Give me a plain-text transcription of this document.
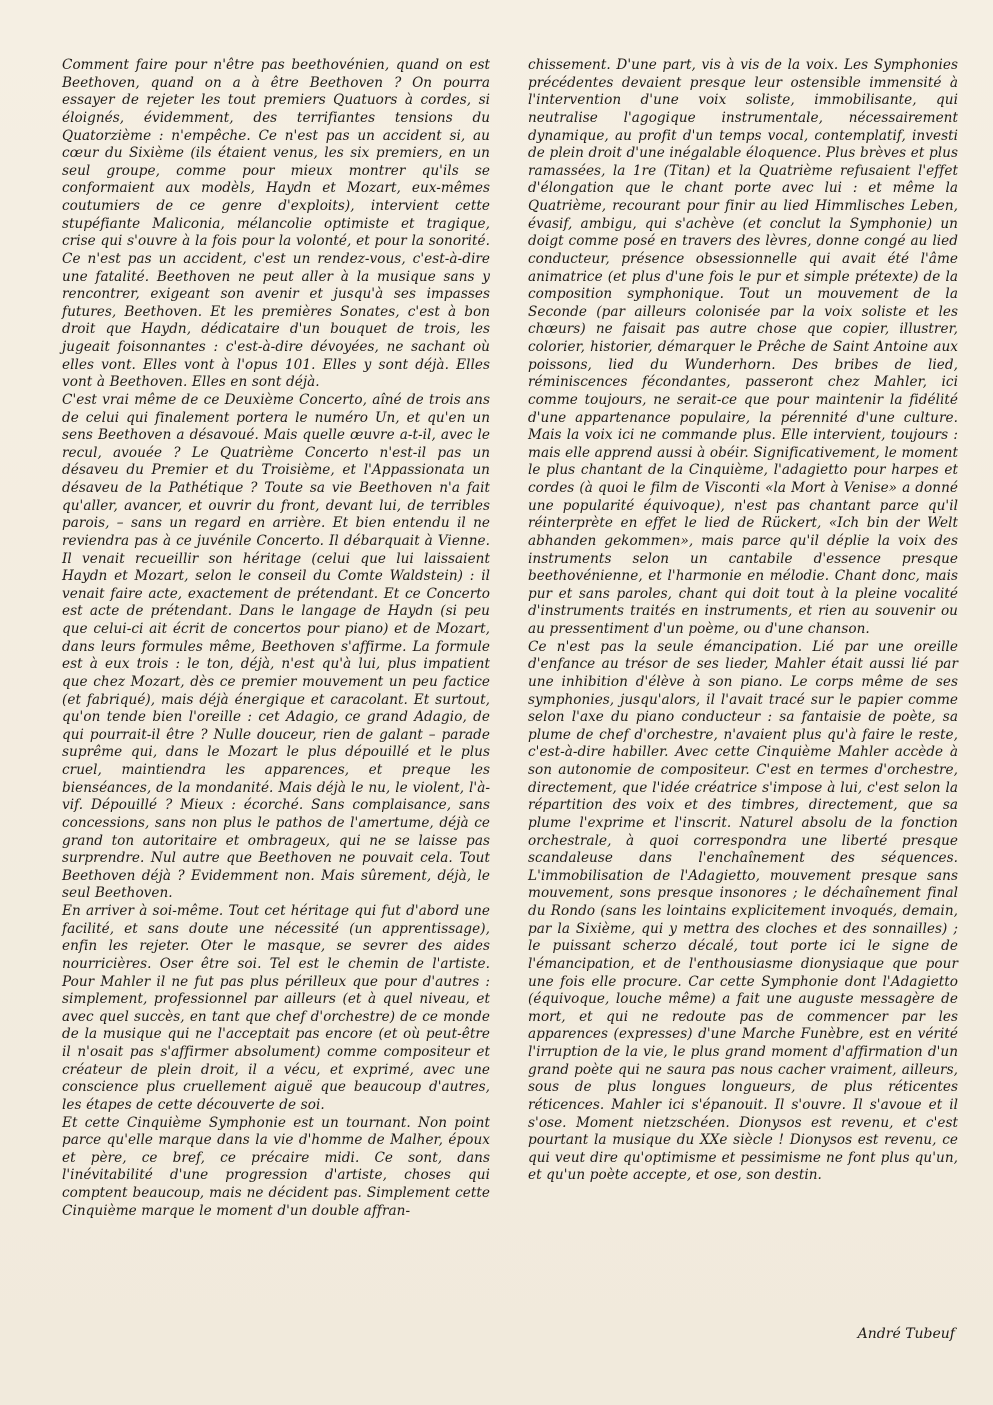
Comment faire pour n'être pas beethovénien, quand on est Beethoven, quand on a à être Beethoven ? On pourra essayer de rejeter les tout premiers Quatuors à cordes, si éloignés, évidemment, des terrifiantes tensions du Quatorzième : n'empêche. Ce n'est pas un accident si, au cœur du Sixième (ils étaient venus, les six premiers, en un seul groupe, comme pour mieux montrer qu'ils se conformaient aux modèls, Haydn et Mozart, eux-mêmes coutumiers de ce genre d'exploits), intervient cette stupéfiante Maliconia, mélancolie optimiste et tragique, crise qui s'ouvre à la fois pour la volonté, et pour la sonorité. Ce n'est pas un accident, c'est un rendez-vous, c'est-à-dire une fatalité. Beethoven ne peut aller à la musique sans y rencontrer, exigeant son avenir et jusqu'à ses impasses futures, Beethoven. Et les premières Sonates, c'est à bon droit que Haydn, dédicataire d'un bouquet de trois, les jugeait foisonnantes : c'est-à-dire dévoyées, ne sachant où elles vont. Elles vont à l'opus 101. Elles y sont déjà. Elles vont à Beethoven. Elles en sont déjà.

C'est vrai même de ce Deuxième Concerto, aîné de trois ans de celui qui finalement portera le numéro Un, et qu'en un sens Beethoven a désavoué. Mais quelle œuvre a-t-il, avec le recul, avouée ? Le Quatrième Concerto n'est-il pas un désaveu du Premier et du Troisième, et l'Appassionata un désaveu de la Pathétique ? Toute sa vie Beethoven n'a fait qu'aller, avancer, et ouvrir du front, devant lui, de terribles parois, – sans un regard en arrière. Et bien entendu il ne reviendra pas à ce juvénile Concerto. Il débarquait à Vienne. Il venait recueillir son héritage (celui que lui laissaient Haydn et Mozart, selon le conseil du Comte Waldstein) : il venait faire acte, exactement de prétendant. Et ce Concerto est acte de prétendant. Dans le langage de Haydn (si peu que celui-ci ait écrit de concertos pour piano) et de Mozart, dans leurs formules même, Beethoven s'affirme. La formule est à eux trois : le ton, déjà, n'est qu'à lui, plus impatient que chez Mozart, dès ce premier mouvement un peu factice (et fabriqué), mais déjà énergique et caracolant. Et surtout, qu'on tende bien l'oreille : cet Adagio, ce grand Adagio, de qui pourrait-il être ? Nulle douceur, rien de galant – parade suprême qui, dans le Mozart le plus dépouillé et le plus cruel, maintiendra les apparences, et preque les bienséances, de la mondanité. Mais déjà le nu, le violent, l'à-vif. Dépouillé ? Mieux : écorché. Sans complaisance, sans concessions, sans non plus le pathos de l'amertume, déjà ce grand ton autoritaire et ombrageux, qui ne se laisse pas surprendre. Nul autre que Beethoven ne pouvait cela. Tout Beethoven déjà ? Evidemment non. Mais sûrement, déjà, le seul Beethoven.

En arriver à soi-même. Tout cet héritage qui fut d'abord une facilité, et sans doute une nécessité (un apprentissage), enfin les rejeter. Oter le masque, se sevrer des aides nourricières. Oser être soi. Tel est le chemin de l'artiste. Pour Mahler il ne fut pas plus périlleux que pour d'autres : simplement, professionnel par ailleurs (et à quel niveau, et avec quel succès, en tant que chef d'orchestre) de ce monde de la musique qui ne l'acceptait pas encore (et où peut-être il n'osait pas s'affirmer absolument) comme compositeur et créateur de plein droit, il a vécu, et exprimé, avec une conscience plus cruellement aiguë que beaucoup d'autres, les étapes de cette découverte de soi.

Et cette Cinquième Symphonie est un tournant. Non point parce qu'elle marque dans la vie d'homme de Malher, époux et père, ce bref, ce précaire midi. Ce sont, dans l'inévitabilité d'une progression d'artiste, choses qui comptent beaucoup, mais ne décident pas. Simplement cette Cinquième marque le moment d'un double affran-

chissement. D'une part, vis à vis de la voix. Les Symphonies précédentes devaient presque leur ostensible immensité à l'intervention d'une voix soliste, immobilisante, qui neutralise l'agogique instrumentale, nécessairement dynamique, au profit d'un temps vocal, contemplatif, investi de plein droit d'une inégalable éloquence. Plus brèves et plus ramassées, la 1re (Titan) et la Quatrième refusaient l'effet d'élongation que le chant porte avec lui : et même la Quatrième, recourant pour finir au lied Himmlisches Leben, évasif, ambigu, qui s'achève (et conclut la Symphonie) un doigt comme posé en travers des lèvres, donne congé au lied conducteur, présence obsessionnelle qui avait été l'âme animatrice (et plus d'une fois le pur et simple prétexte) de la composition symphonique. Tout un mouvement de la Seconde (par ailleurs colonisée par la voix soliste et les chœurs) ne faisait pas autre chose que copier, illustrer, colorier, historier, démarquer le Prêche de Saint Antoine aux poissons, lied du Wunderhorn. Des bribes de lied, réminiscences fécondantes, passeront chez Mahler, ici comme toujours, ne serait-ce que pour maintenir la fidélité d'une appartenance populaire, la pérennité d'une culture. Mais la voix ici ne commande plus. Elle intervient, toujours : mais elle apprend aussi à obéir. Significativement, le moment le plus chantant de la Cinquième, l'adagietto pour harpes et cordes (à quoi le film de Visconti «la Mort à Venise» a donné une popularité équivoque), n'est pas chantant parce qu'il réinterprète en effet le lied de Rückert, «Ich bin der Welt abhanden gekommen», mais parce qu'il déplie la voix des instruments selon un cantabile d'essence presque beethovénienne, et l'harmonie en mélodie. Chant donc, mais pur et sans paroles, chant qui doit tout à la pleine vocalité d'instruments traités en instruments, et rien au souvenir ou au pressentiment d'un poème, ou d'une chanson.

Ce n'est pas la seule émancipation. Lié par une oreille d'enfance au trésor de ses lieder, Mahler était aussi lié par une inhibition d'élève à son piano. Le corps même de ses symphonies, jusqu'alors, il l'avait tracé sur le papier comme selon l'axe du piano conducteur : sa fantaisie de poète, sa plume de chef d'orchestre, n'avaient plus qu'à faire le reste, c'est-à-dire habiller. Avec cette Cinquième Mahler accède à son autonomie de compositeur. C'est en termes d'orchestre, directement, que l'idée créatrice s'impose à lui, c'est selon la répartition des voix et des timbres, directement, que sa plume l'exprime et l'inscrit. Naturel absolu de la fonction orchestrale, à quoi correspondra une liberté presque scandaleuse dans l'enchaînement des séquences. L'immobilisation de l'Adagietto, mouvement presque sans mouvement, sons presque insonores ; le déchaînement final du Rondo (sans les lointains explicitement invoqués, demain, par la Sixième, qui y mettra des cloches et des sonnailles) ; le puissant scherzo décalé, tout porte ici le signe de l'émancipation, et de l'enthousiasme dionysiaque que pour une fois elle procure. Car cette Symphonie dont l'Adagietto (équivoque, louche même) a fait une auguste messagère de mort, et qui ne redoute pas de commencer par les apparences (expresses) d'une Marche Funèbre, est en vérité l'irruption de la vie, le plus grand moment d'affirmation d'un grand poète qui ne saura pas nous cacher vraiment, ailleurs, sous de plus longues longueurs, de plus réticentes réticences. Mahler ici s'épanouit. Il s'ouvre. Il s'avoue et il s'ose. Moment nietzschéen. Dionysos est revenu, et c'est pourtant la musique du XXe siècle ! Dionysos est revenu, ce qui veut dire qu'optimisme et pessimisme ne font plus qu'un, et qu'un poète accepte, et ose, son destin.

André Tubeuf
